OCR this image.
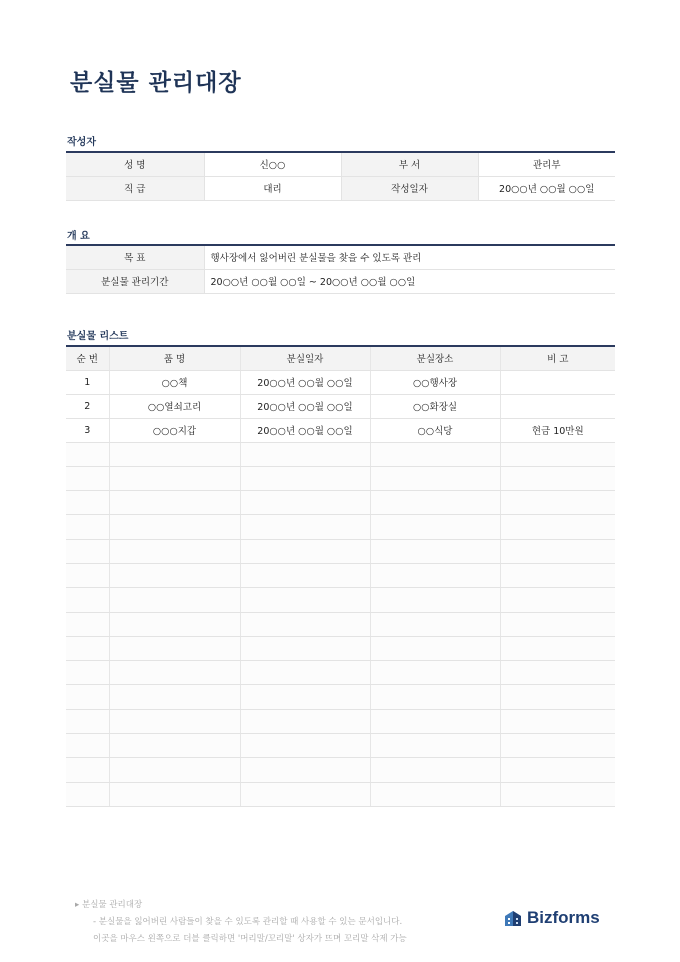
분실물 관리대장
작성자
성 명	신○○	부 서	관리부
직 급	대리	작성일자	20○○년 ○○월 ○○일
개 요
목 표	행사장에서 잃어버린 분실물을 찾을 수 있도록 관리
분실물 관리기간	20○○년 ○○월 ○○일 ~ 20○○년 ○○월 ○○일
분실물 리스트
순 번	품 명	분실일자	분실장소	비 고
1	○○책	20○○년 ○○월 ○○일	○○행사장	
2	○○열쇠고리	20○○년 ○○월 ○○일	○○화장실	
3	○○○지갑	20○○년 ○○월 ○○일	○○식당	현금 10만원

▸ 분실물 관리대장
- 분실물을 잃어버린 사람들이 찾을 수 있도록 관리할 때 사용할 수 있는 문서입니다.
이곳을 마우스 왼쪽으로 더블 클릭하면 '머리말/꼬리말' 상자가 뜨며 꼬리말 삭제 가능
Bizforms
